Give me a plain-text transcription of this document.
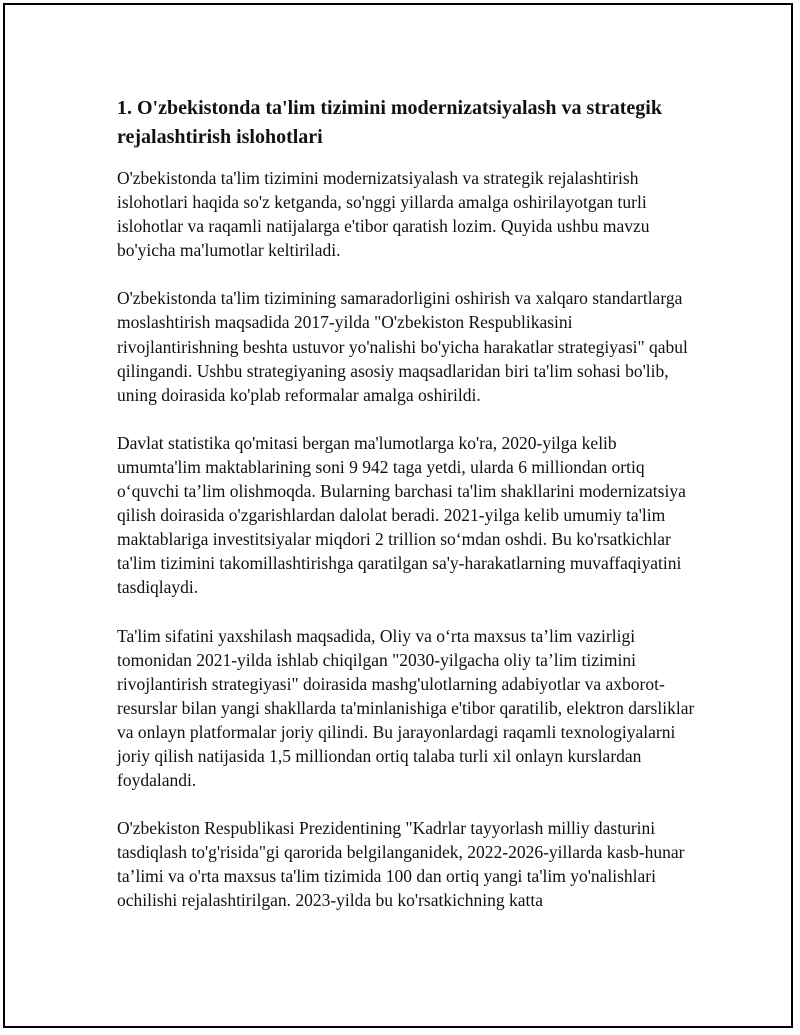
1. O'zbekistonda ta'lim tizimini modernizatsiyalash va strategik rejalashtirish islohotlari

O'zbekistonda ta'lim tizimini modernizatsiyalash va strategik rejalashtirish islohotlari haqida so'z ketganda, so'nggi yillarda amalga oshirilayotgan turli islohotlar va raqamli natijalarga e'tibor qaratish lozim. Quyida ushbu mavzu bo'yicha ma'lumotlar keltiriladi.

O'zbekistonda ta'lim tizimining samaradorligini oshirish va xalqaro standartlarga moslashtirish maqsadida 2017-yilda "O'zbekiston Respublikasini rivojlantirishning beshta ustuvor yo'nalishi bo'yicha harakatlar strategiyasi" qabul qilingandi. Ushbu strategiyaning asosiy maqsadlaridan biri ta'lim sohasi bo'lib, uning doirasida ko'plab reformalar amalga oshirildi.

Davlat statistika qo'mitasi bergan ma'lumotlarga ko'ra, 2020-yilga kelib umumta'lim maktablarining soni 9 942 taga yetdi, ularda 6 milliondan ortiq o‘quvchi ta’lim olishmoqda. Bularning barchasi ta'lim shakllarini modernizatsiya qilish doirasida o'zgarishlardan dalolat beradi. 2021-yilga kelib umumiy ta'lim maktablariga investitsiyalar miqdori 2 trillion so‘mdan oshdi. Bu ko'rsatkichlar ta'lim tizimini takomillashtirishga qaratilgan sa'y-harakatlarning muvaffaqiyatini tasdiqlaydi.

Ta'lim sifatini yaxshilash maqsadida, Oliy va o‘rta maxsus ta’lim vazirligi tomonidan 2021-yilda ishlab chiqilgan "2030-yilgacha oliy ta’lim tizimini rivojlantirish strategiyasi" doirasida mashg'ulotlarning adabiyotlar va axborot-resurslar bilan yangi shakllarda ta'minlanishiga e'tibor qaratilib, elektron darsliklar va onlayn platformalar joriy qilindi. Bu jarayonlardagi raqamli texnologiyalarni joriy qilish natijasida 1,5 milliondan ortiq talaba turli xil onlayn kurslardan foydalandi.

O'zbekiston Respublikasi Prezidentining "Kadrlar tayyorlash milliy dasturini tasdiqlash to'g'risida"gi qarorida belgilanganidek, 2022-2026-yillarda kasb-hunar ta’limi va o'rta maxsus ta'lim tizimida 100 dan ortiq yangi ta'lim yo'nalishlari ochilishi rejalashtirilgan. 2023-yilda bu ko'rsatkichning katta
